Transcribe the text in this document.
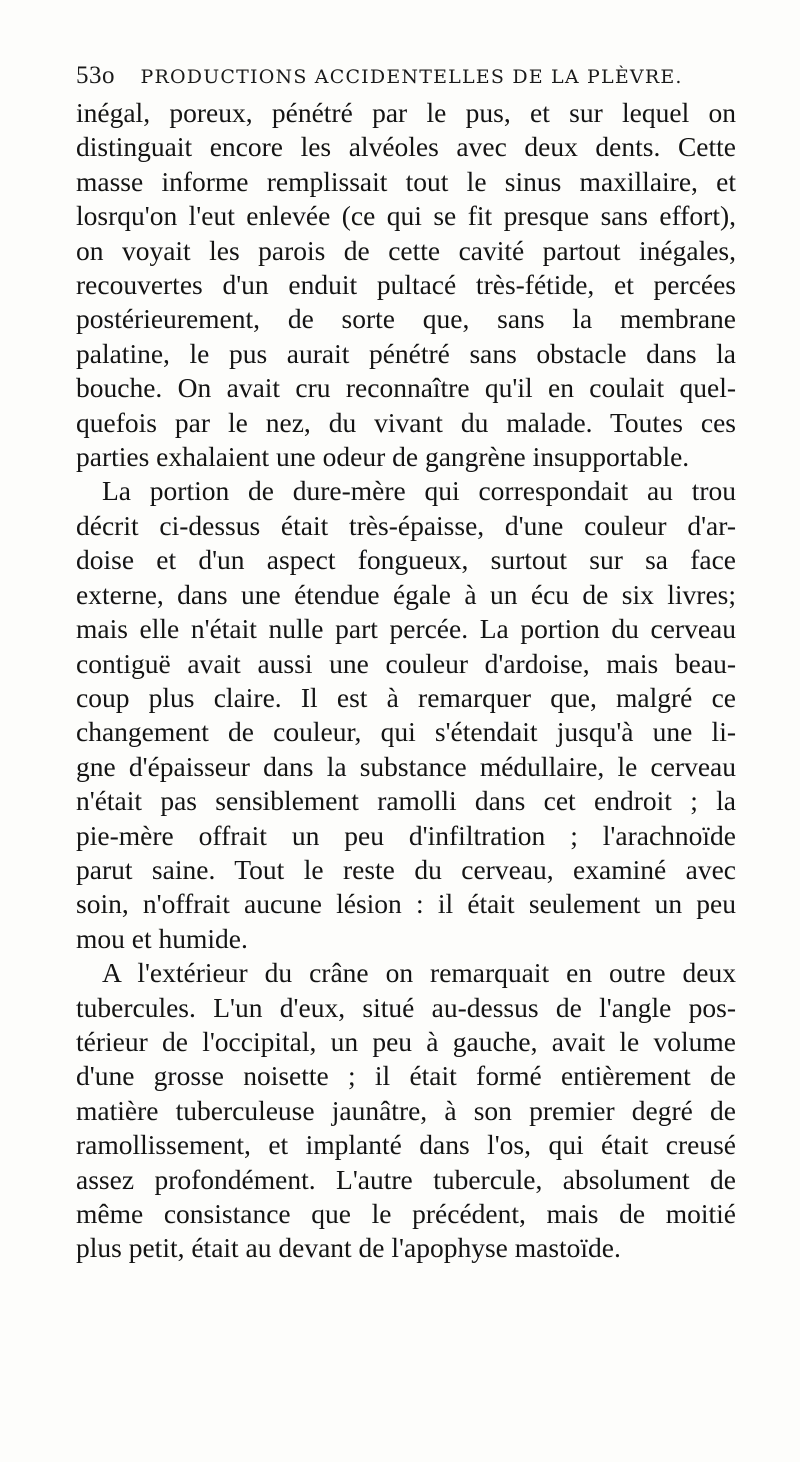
53o PRODUCTIONS ACCIDENTELLES DE LA PLÈVRE.
inégal, poreux, pénétré par le pus, et sur lequel on
distinguait encore les alvéoles avec deux dents. Cette
masse informe remplissait tout le sinus maxillaire, et
losrqu'on l'eut enlevée (ce qui se fit presque sans effort),
on voyait les parois de cette cavité partout inégales,
recouvertes d'un enduit pultacé très-fétide, et percées
postérieurement, de sorte que, sans la membrane
palatine, le pus aurait pénétré sans obstacle dans la
bouche. On avait cru reconnaître qu'il en coulait quel-
quefois par le nez, du vivant du malade. Toutes ces
parties exhalaient une odeur de gangrène insupportable.
La portion de dure-mère qui correspondait au trou
décrit ci-dessus était très-épaisse, d'une couleur d'ar-
doise et d'un aspect fongueux, surtout sur sa face
externe, dans une étendue égale à un écu de six livres;
mais elle n'était nulle part percée. La portion du cerveau
contiguë avait aussi une couleur d'ardoise, mais beau-
coup plus claire. Il est à remarquer que, malgré ce
changement de couleur, qui s'étendait jusqu'à une li-
gne d'épaisseur dans la substance médullaire, le cerveau
n'était pas sensiblement ramolli dans cet endroit ; la
pie-mère offrait un peu d'infiltration ; l'arachnoïde
parut saine. Tout le reste du cerveau, examiné avec
soin, n'offrait aucune lésion : il était seulement un peu
mou et humide.
A l'extérieur du crâne on remarquait en outre deux
tubercules. L'un d'eux, situé au-dessus de l'angle pos-
térieur de l'occipital, un peu à gauche, avait le volume
d'une grosse noisette ; il était formé entièrement de
matière tuberculeuse jaunâtre, à son premier degré de
ramollissement, et implanté dans l'os, qui était creusé
assez profondément. L'autre tubercule, absolument de
même consistance que le précédent, mais de moitié
plus petit, était au devant de l'apophyse mastoïde.
